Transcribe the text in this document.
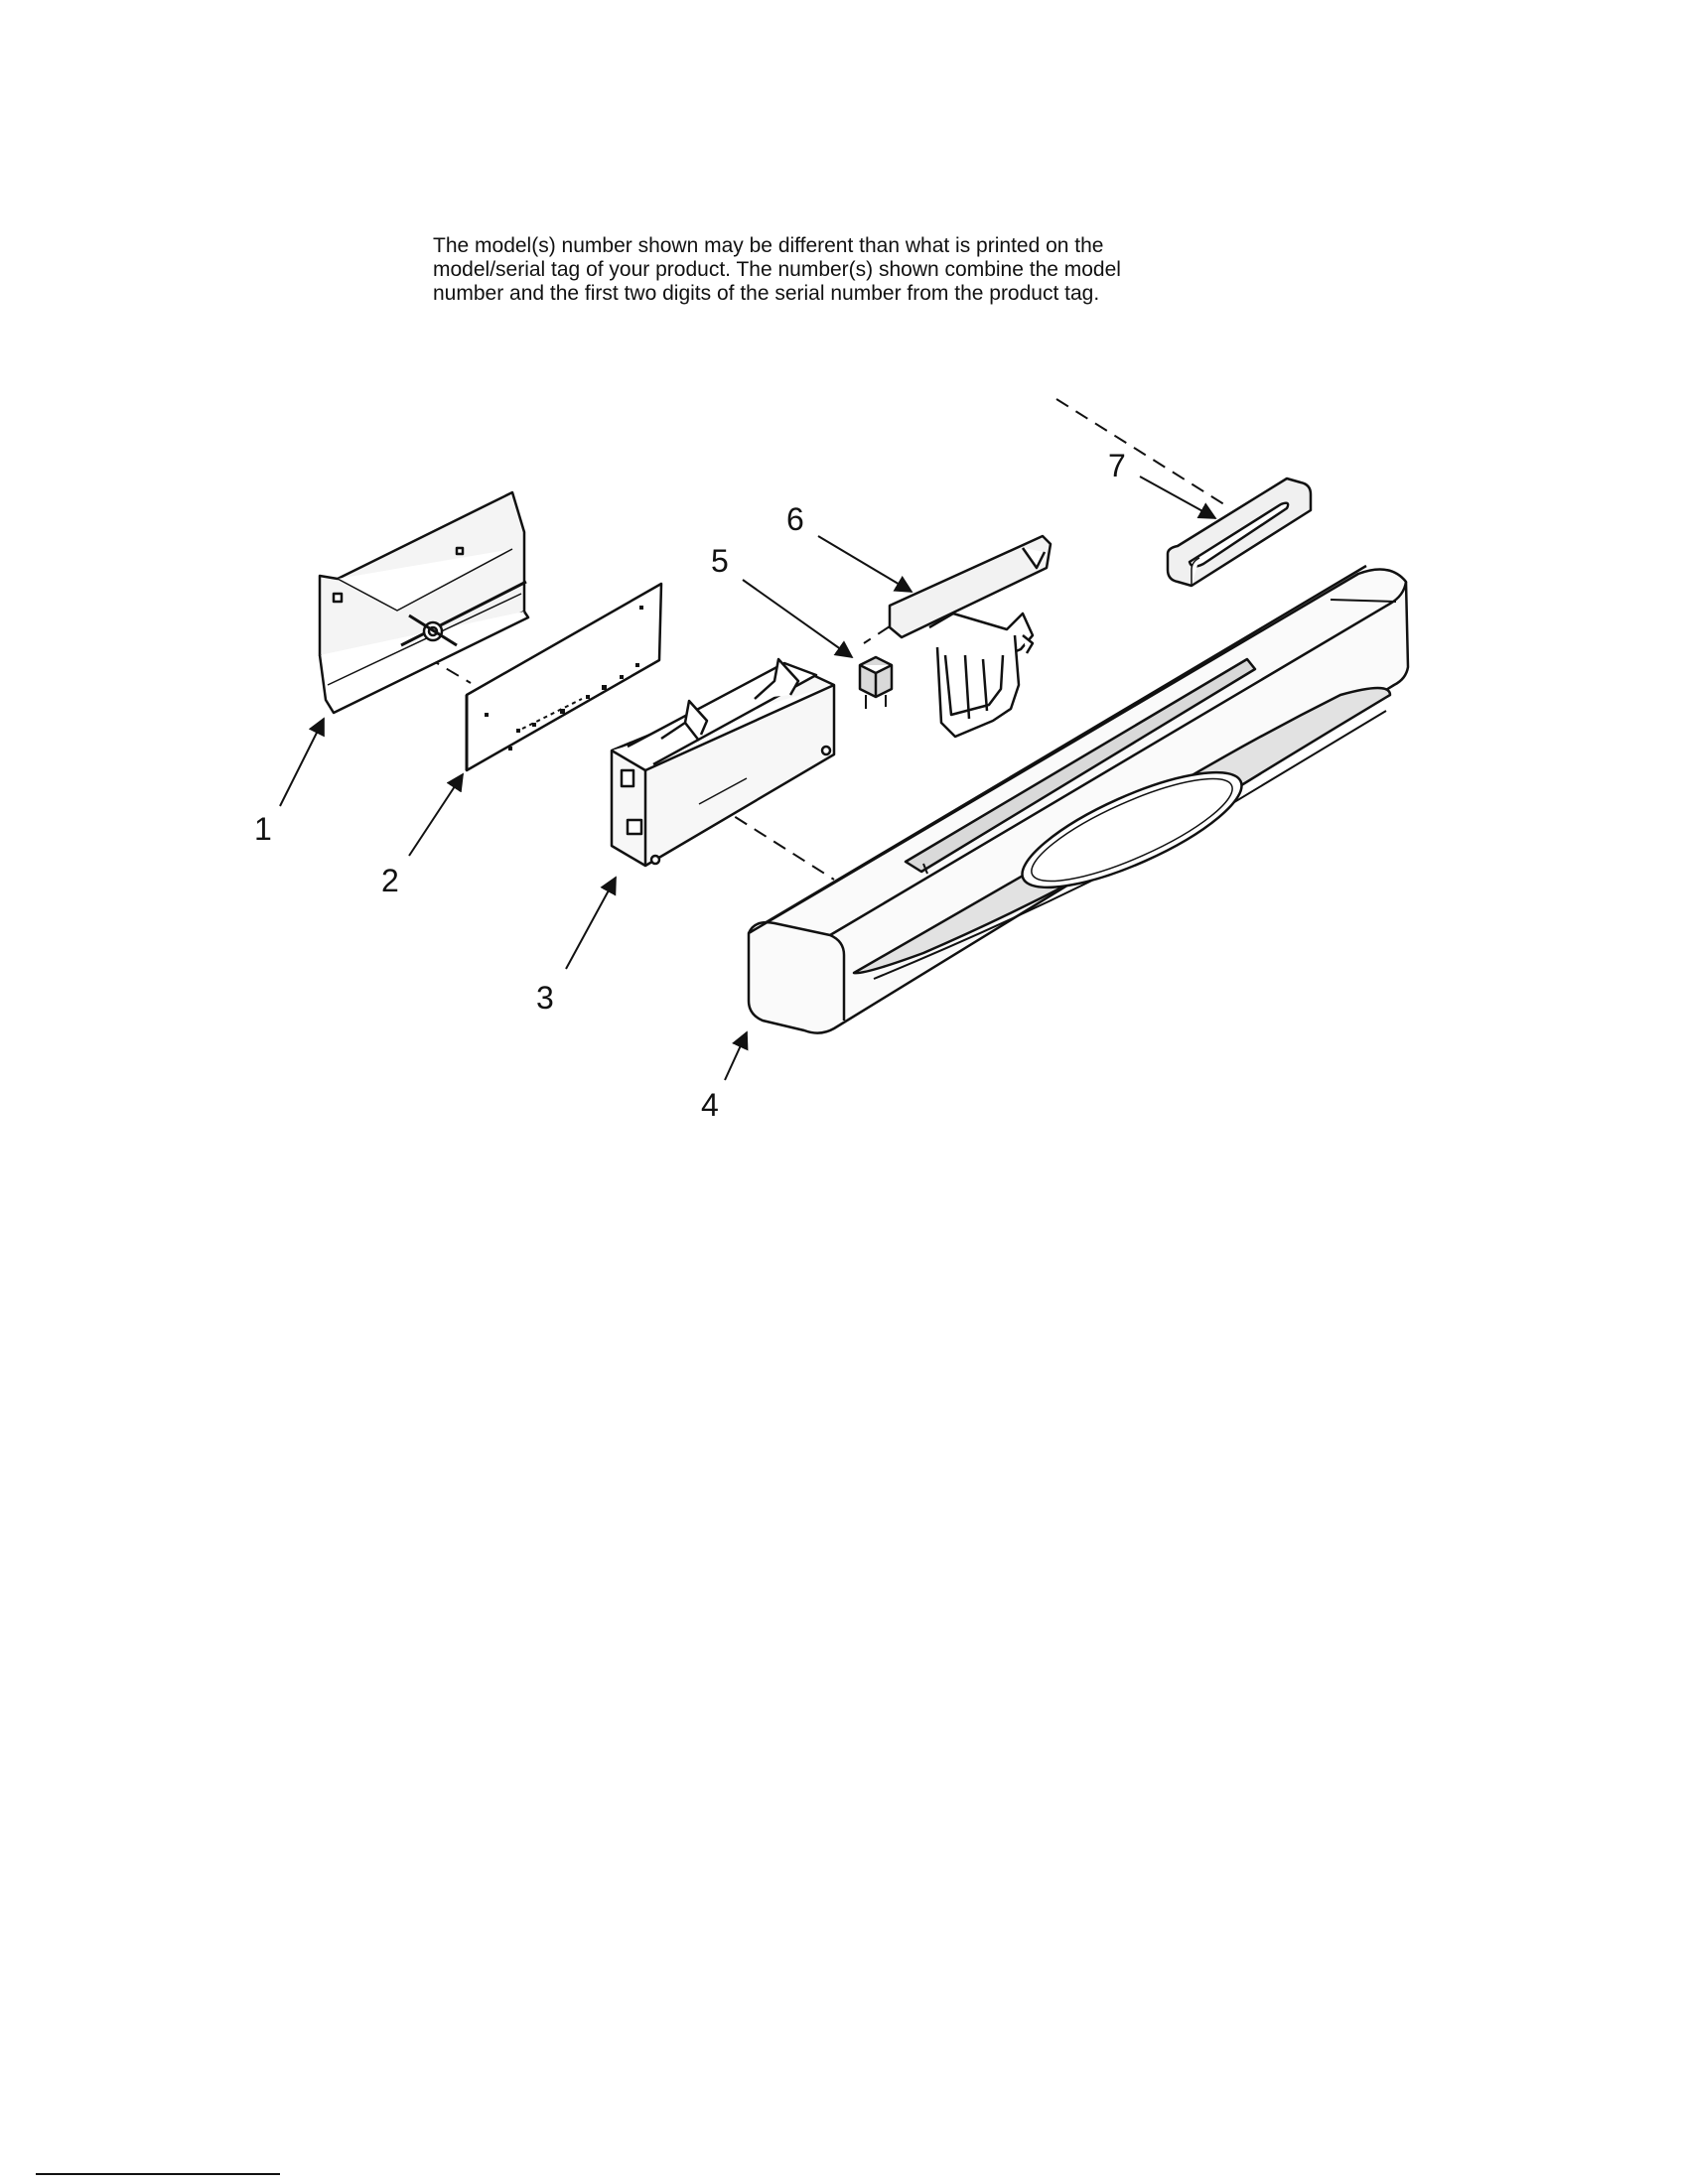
The model(s) number shown may be different than what is printed on the
model/serial tag of your product. The number(s) shown combine the model
number and the first two digits of the serial number from the product tag.
1
2
3
4
5
6
7
